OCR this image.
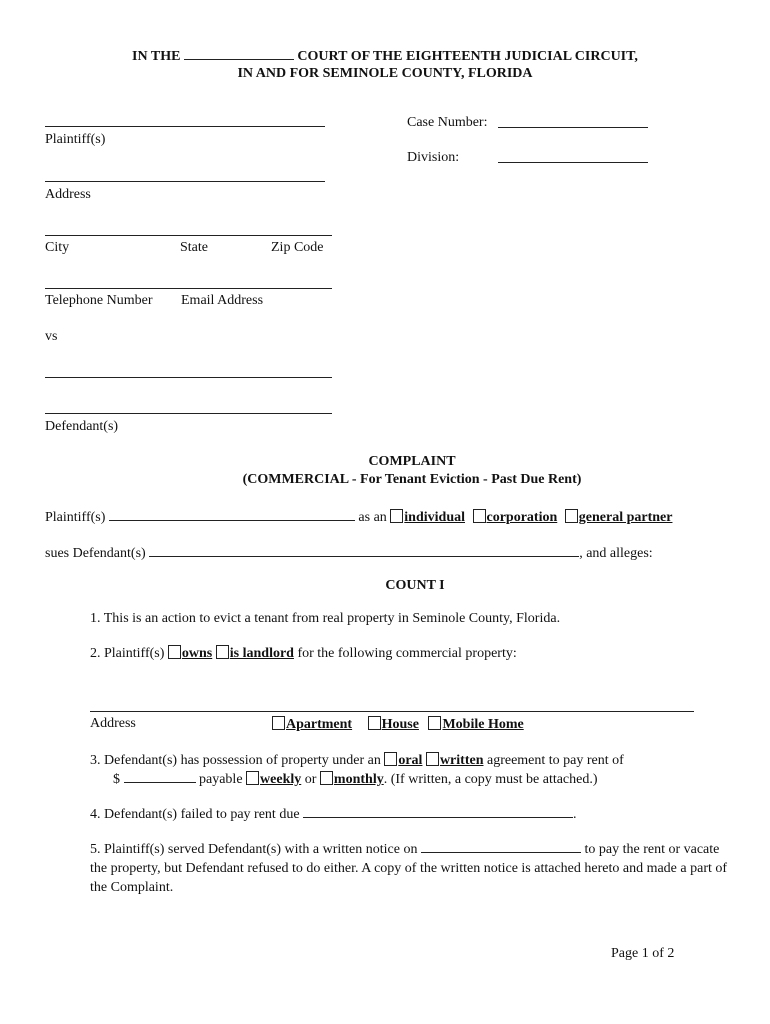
IN THE	COURT OF THE EIGHTEENTH JUDICIAL CIRCUIT,
IN AND FOR SEMINOLE COUNTY, FLORIDA
Case Number:
Division:
Plaintiff(s)
Address
City	State	Zip Code
Telephone Number Email Address
vs
Defendant(s)
COMPLAINT
(COMMERCIAL - For Tenant Eviction - Past Due Rent)
Plaintiff(s)	as an individual corporation general partner
sues Defendant(s)	, and alleges:
COUNT I
1. This is an action to evict a tenant from real property in Seminole County, Florida.
2. Plaintiff(s) owns is landlord for the following commercial property:
Address	Apartment House Mobile Home
3. Defendant(s) has possession of property under an oral written agreement to pay rent of
$	payable weekly or monthly. (If written, a copy must be attached.)
4. Defendant(s) failed to pay rent due	.
5. Plaintiff(s) served Defendant(s) with a written notice on	to pay the rent or vacate the property, but Defendant refused to do either. A copy of the written notice is attached hereto and made a part of the Complaint.
Page 1 of 2
